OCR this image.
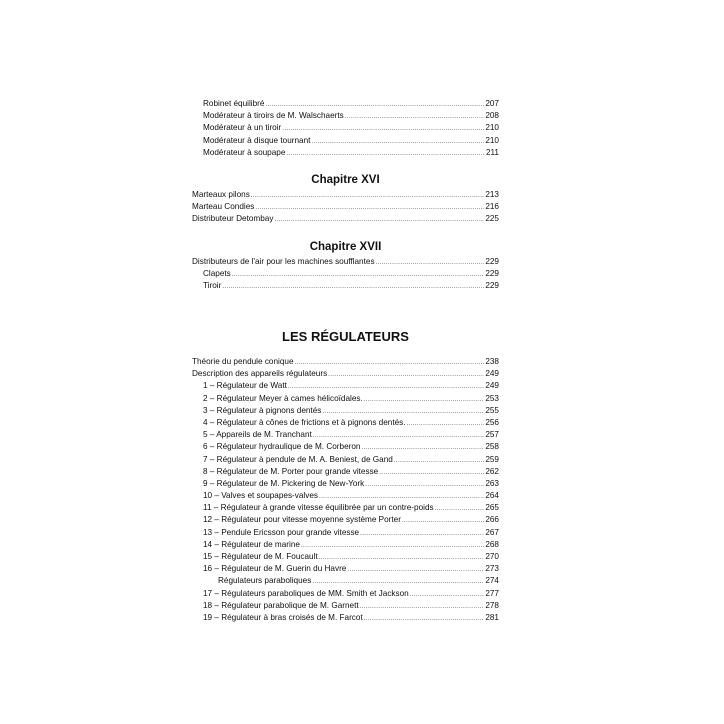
Robinet équilibré .....	207
Modérateur à tiroirs de M. Walschaerts .....	208
Modérateur à un tiroir .....	210
Modérateur à disque tournant .....	210
Modérateur à soupape .....	211
Chapitre XVI
Marteaux pilons .....	213
Marteau Condies .....	216
Distributeur Detombay .....	225
Chapitre XVII
Distributeurs de l'air pour les machines soufflantes .....	229
Clapets .....	229
Tiroir .....	229
LES RÉGULATEURS
Théorie du pendule conique .....	238
Description des appareils régulateurs .....	249
1 – Régulateur de Watt .....	249
2 – Régulateur Meyer à cames hélicoïdales. .....	253
3 – Régulateur à pignons dentés .....	255
4 – Régulateur à cônes de frictions et à pignons dentés. .....	256
5 – Appareils de M. Tranchant .....	257
6 – Régulateur hydraulique de M. Corberon .....	258
7 – Régulateur à pendule de M. A. Beniest, de Gand .....	259
8 – Régulateur de M. Porter pour grande vitesse .....	262
9 – Régulateur de M. Pickering de New-York .....	263
10 – Valves et soupapes-valves .....	264
11 – Régulateur à grande vitesse équilibrée par un contre-poids .....	265
12 – Régulateur pour vitesse moyenne système Porter .....	266
13 – Pendule Ericsson pour grande vitesse .....	267
14 – Régulateur de marine .....	268
15 – Régulateur de M. Foucault .....	270
16 – Régulateur de M. Guerin du Havre .....	273
Régulateurs paraboliques .....	274
17 – Régulateurs paraboliques de MM. Smith et Jackson .....	277
18 – Régulateur parabolique de M. Garnett .....	278
19 – Régulateur à bras croisés de M. Farcot .....	281
